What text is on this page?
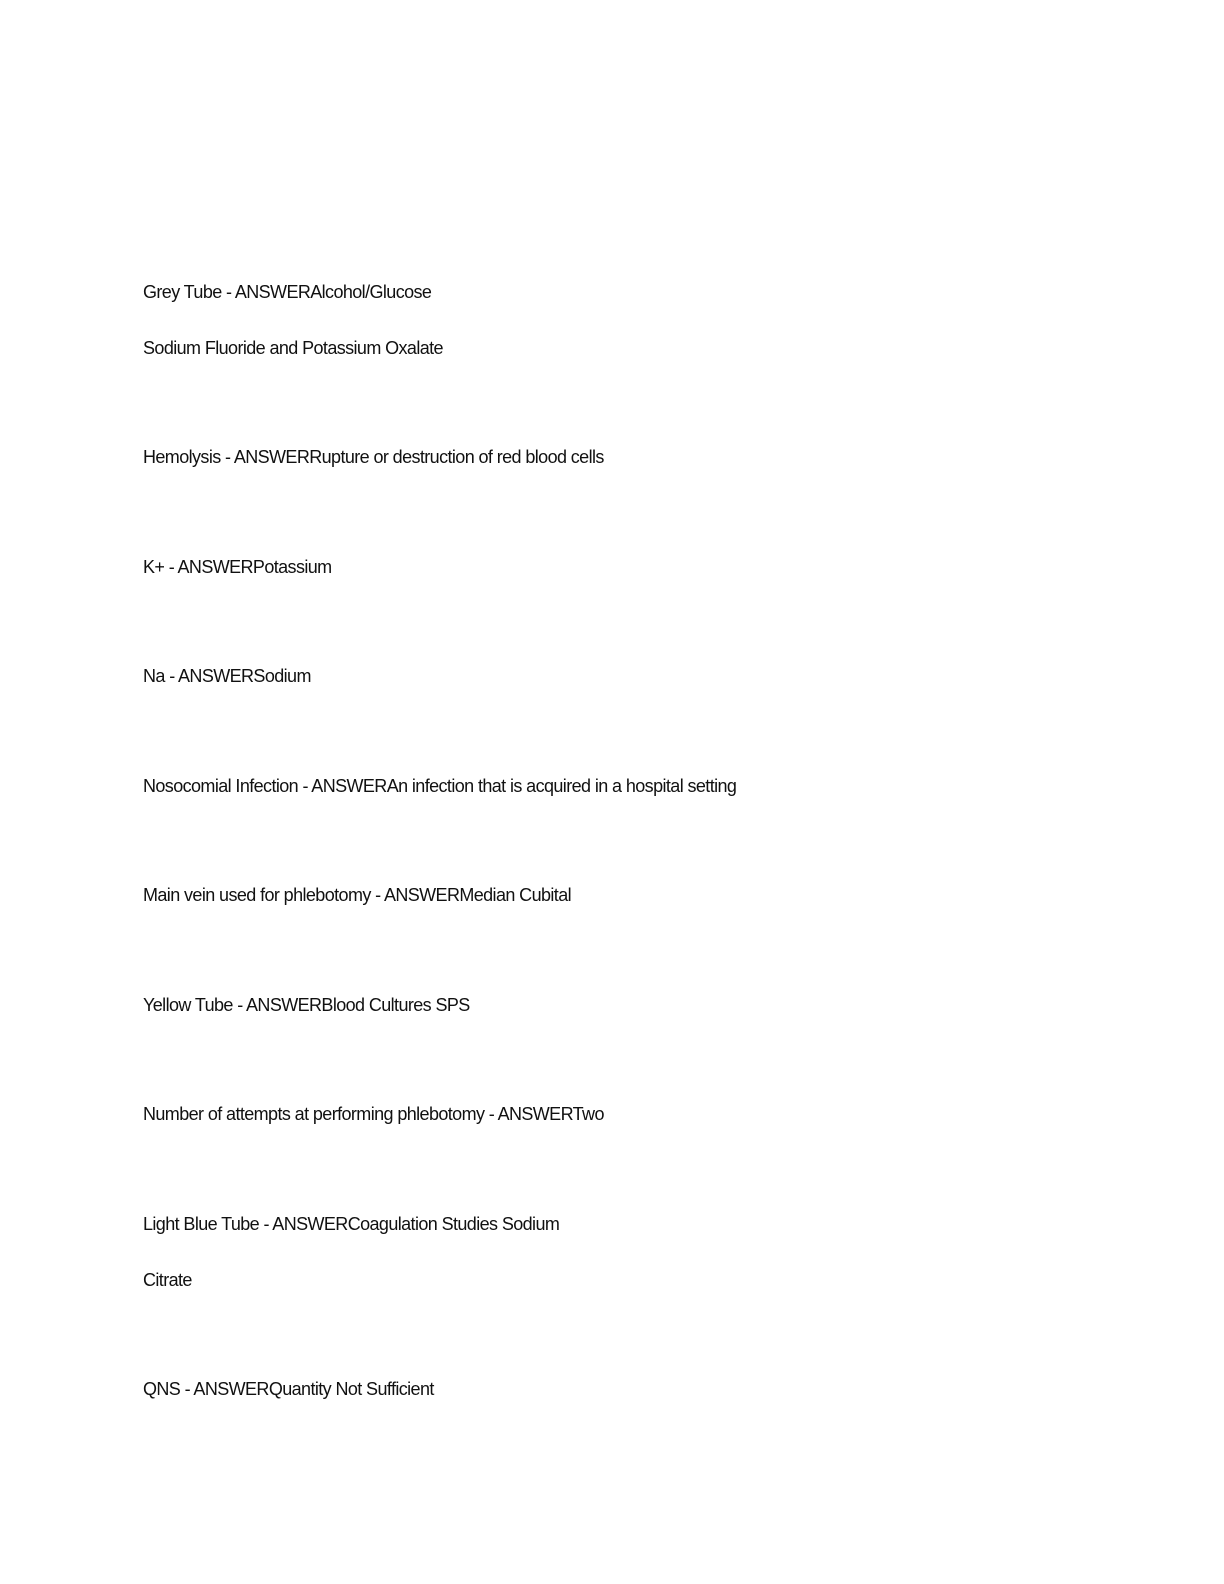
Grey Tube - ANSWERAlcohol/Glucose
Sodium Fluoride and Potassium Oxalate
Hemolysis - ANSWERRupture or destruction of red blood cells
K+ - ANSWERPotassium
Na - ANSWERSodium
Nosocomial Infection - ANSWERAn infection that is acquired in a hospital setting
Main vein used for phlebotomy - ANSWERMedian Cubital
Yellow Tube - ANSWERBlood Cultures SPS
Number of attempts at performing phlebotomy - ANSWERTwo
Light Blue Tube - ANSWERCoagulation Studies Sodium
Citrate
QNS - ANSWERQuantity Not Sufficient
